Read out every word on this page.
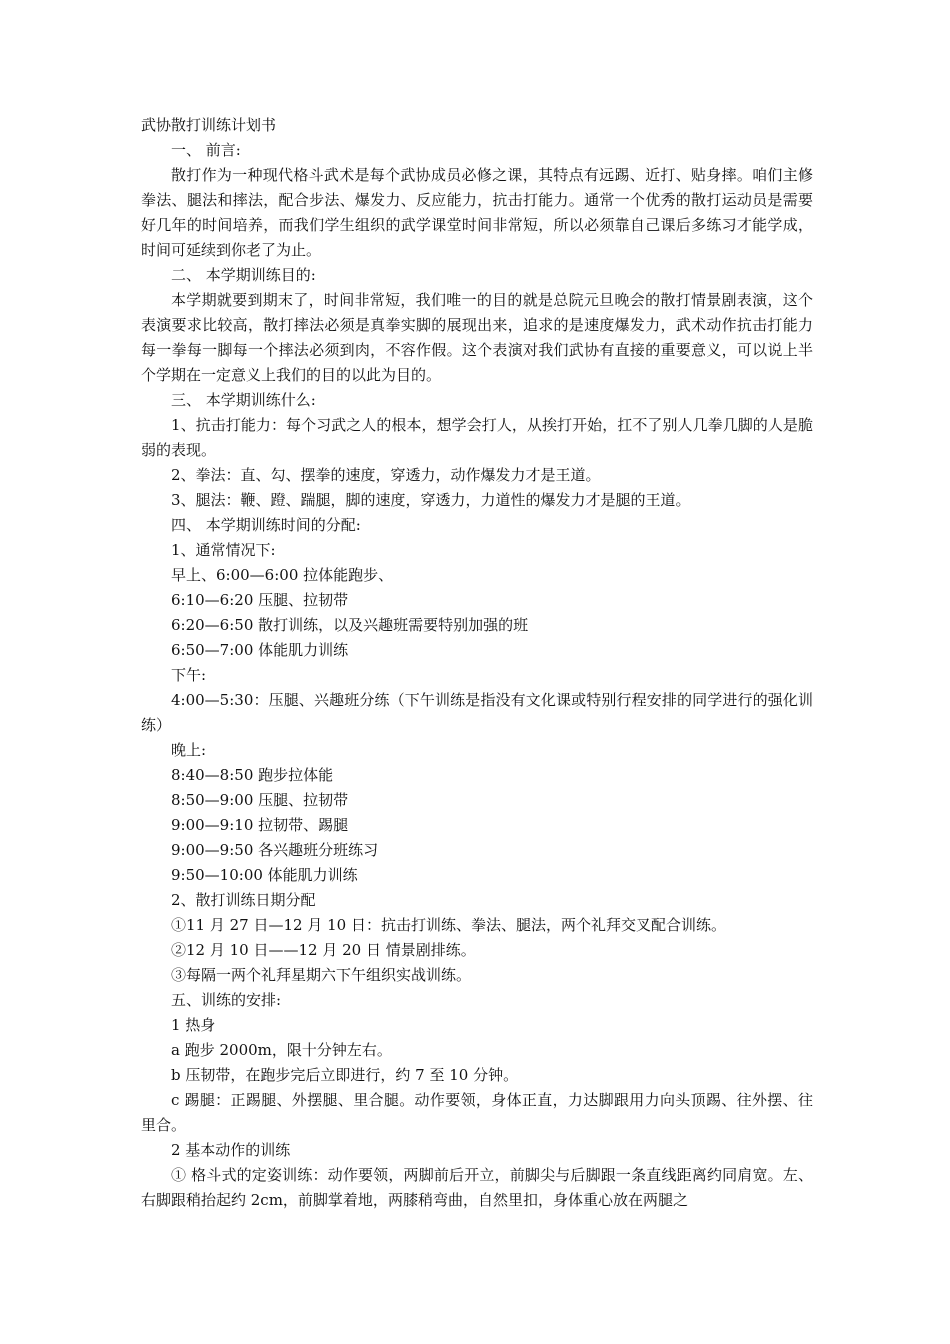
武协散打训练计划书

一、 前言:

散打作为一种现代格斗武术是每个武协成员必修之课，其特点有远踢、近打、贴身摔。咱们主修拳法、腿法和摔法，配合步法、爆发力、反应能力，抗击打能力。通常一个优秀的散打运动员是需要好几年的时间培养，而我们学生组织的武学课堂时间非常短，所以必须靠自己课后多练习才能学成，时间可延续到你老了为止。

二、 本学期训练目的:

本学期就要到期末了，时间非常短，我们唯一的目的就是总院元旦晚会的散打情景剧表演，这个表演要求比较高，散打摔法必须是真拳实脚的展现出来，追求的是速度爆发力，武术动作抗击打能力每一拳每一脚每一个摔法必须到肉，不容作假。这个表演对我们武协有直接的重要意义，可以说上半个学期在一定意义上我们的目的以此为目的。

三、 本学期训练什么:

1、抗击打能力：每个习武之人的根本，想学会打人，从挨打开始，扛不了别人几拳几脚的人是脆弱的表现。

2、拳法：直、勾、摆拳的速度，穿透力，动作爆发力才是王道。

3、腿法：鞭、蹬、踹腿，脚的速度，穿透力，力道性的爆发力才是腿的王道。

四、 本学期训练时间的分配:

1、通常情况下:

早上、6:00—6:00 拉体能跑步、

6:10—6:20 压腿、拉韧带

6:20—6:50 散打训练，以及兴趣班需要特别加强的班

6:50—7:00 体能肌力训练

下午:

4:00—5:30：压腿、兴趣班分练（下午训练是指没有文化课或特别行程安排的同学进行的强化训练）

晚上:

8:40—8:50 跑步拉体能

8:50—9:00 压腿、拉韧带

9:00—9:10 拉韧带、踢腿

9:00—9:50 各兴趣班分班练习

9:50—10:00 体能肌力训练

2、散打训练日期分配

①11 月 27 日—12 月 10 日：抗击打训练、拳法、腿法，两个礼拜交叉配合训练。

②12 月 10 日——12 月 20 日 情景剧排练。

③每隔一两个礼拜星期六下午组织实战训练。

五、训练的安排:

1 热身

a 跑步 2000m，限十分钟左右。

b 压韧带，在跑步完后立即进行，约 7 至 10 分钟。

c 踢腿：正踢腿、外摆腿、里合腿。动作要领，身体正直，力达脚跟用力向头顶踢、往外摆、往里合。

2 基本动作的训练

① 格斗式的定姿训练：动作要领，两脚前后开立，前脚尖与后脚跟一条直线距离约同肩宽。左、右脚跟稍抬起约 2cm，前脚掌着地，两膝稍弯曲，自然里扣，身体重心放在两腿之
